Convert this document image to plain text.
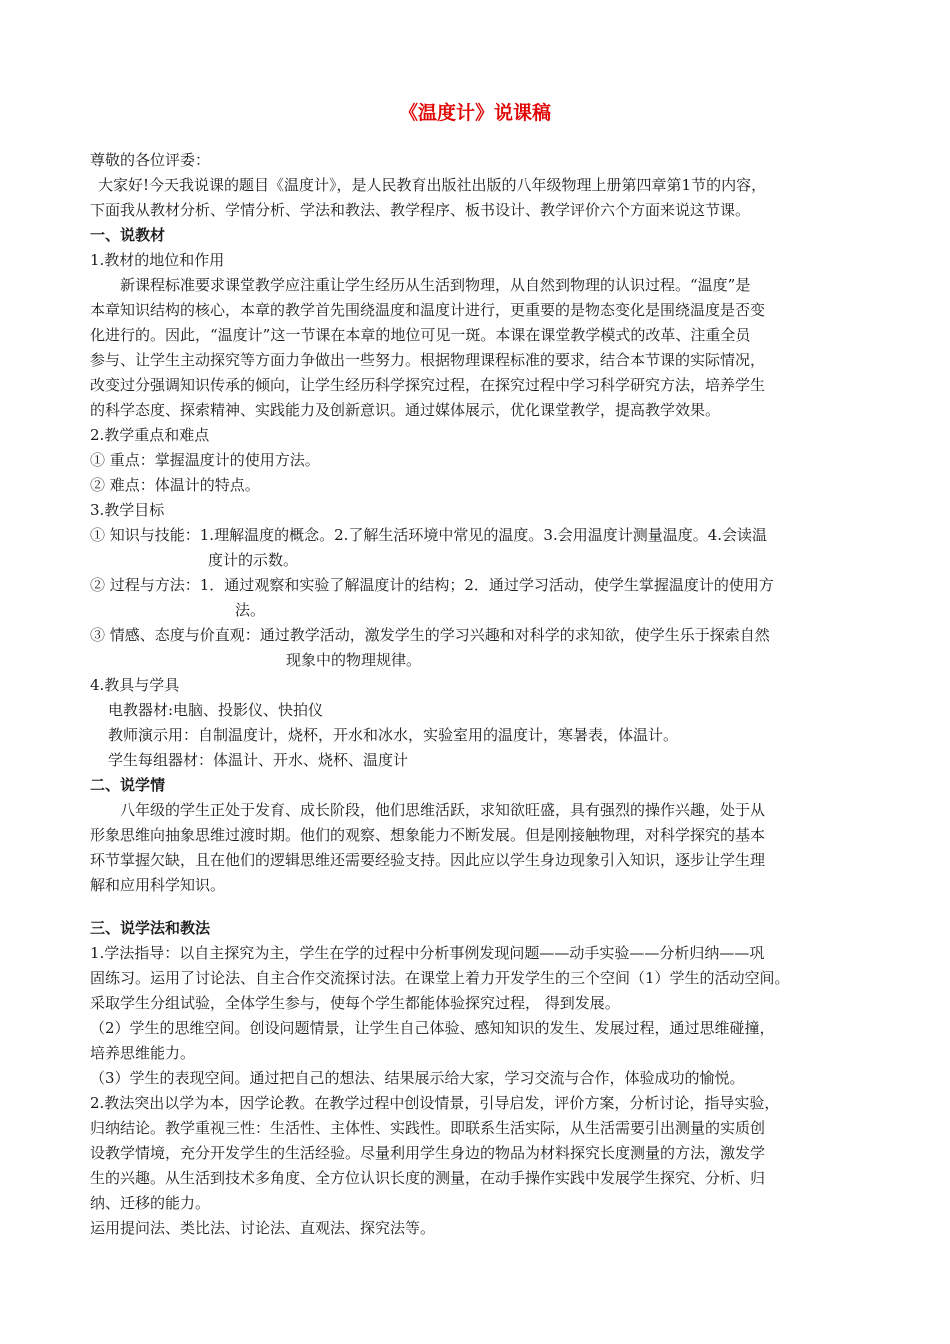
《温度计》说课稿
尊敬的各位评委：
大家好!今天我说课的题目《温度计》，是人民教育出版社出版的八年级物理上册第四章第1节的内容，
下面我从教材分析、学情分析、学法和教法、教学程序、板书设计、教学评价六个方面来说这节课。
一、说教材
1.教材的地位和作用
新课程标准要求课堂教学应注重让学生经历从生活到物理，从自然到物理的认识过程。“温度”是
本章知识结构的核心，本章的教学首先围绕温度和温度计进行，更重要的是物态变化是围绕温度是否变
化进行的。因此，“温度计”这一节课在本章的地位可见一斑。本课在课堂教学模式的改革、注重全员
参与、让学生主动探究等方面力争做出一些努力。根据物理课程标准的要求，结合本节课的实际情况，
改变过分强调知识传承的倾向，让学生经历科学探究过程，在探究过程中学习科学研究方法，培养学生
的科学态度、探索精神、实践能力及创新意识。通过媒体展示，优化课堂教学，提高教学效果。
2.教学重点和难点
① 重点：掌握温度计的使用方法。
② 难点：体温计的特点。
3.教学目标
① 知识与技能：1.理解温度的概念。2.了解生活环境中常见的温度。3.会用温度计测量温度。4.会读温
度计的示数。
② 过程与方法：1．通过观察和实验了解温度计的结构；2．通过学习活动，使学生掌握温度计的使用方
法。
③ 情感、态度与价直观：通过教学活动，激发学生的学习兴趣和对科学的求知欲，使学生乐于探索自然
现象中的物理规律。
4.教具与学具
电教器材:电脑、投影仪、快拍仪
教师演示用：自制温度计，烧杯，开水和冰水，实验室用的温度计，寒暑表，体温计。
学生每组器材：体温计、开水、烧杯、温度计
二、说学情
八年级的学生正处于发育、成长阶段，他们思维活跃，求知欲旺盛，具有强烈的操作兴趣，处于从
形象思维向抽象思维过渡时期。他们的观察、想象能力不断发展。但是刚接触物理，对科学探究的基本
环节掌握欠缺，且在他们的逻辑思维还需要经验支持。因此应以学生身边现象引入知识，逐步让学生理
解和应用科学知识。
三、说学法和教法
1.学法指导：以自主探究为主，学生在学的过程中分析事例发现问题——动手实验——分析归纳——巩
固练习。运用了讨论法、自主合作交流探讨法。在课堂上着力开发学生的三个空间（1）学生的活动空间。
采取学生分组试验，全体学生参与，使每个学生都能体验探究过程， 得到发展。
（2）学生的思维空间。创设问题情景，让学生自己体验、感知知识的发生、发展过程，通过思维碰撞，
培养思维能力。
（3）学生的表现空间。通过把自己的想法、结果展示给大家，学习交流与合作，体验成功的愉悦。
2.教法突出以学为本，因学论教。在教学过程中创设情景，引导启发，评价方案，分析讨论，指导实验，
归纳结论。教学重视三性：生活性、主体性、实践性。即联系生活实际，从生活需要引出测量的实质创
设教学情境，充分开发学生的生活经验。尽量利用学生身边的物品为材料探究长度测量的方法，激发学
生的兴趣。从生活到技术多角度、全方位认识长度的测量，在动手操作实践中发展学生探究、分析、归
纳、迁移的能力。
运用提问法、类比法、讨论法、直观法、探究法等。
